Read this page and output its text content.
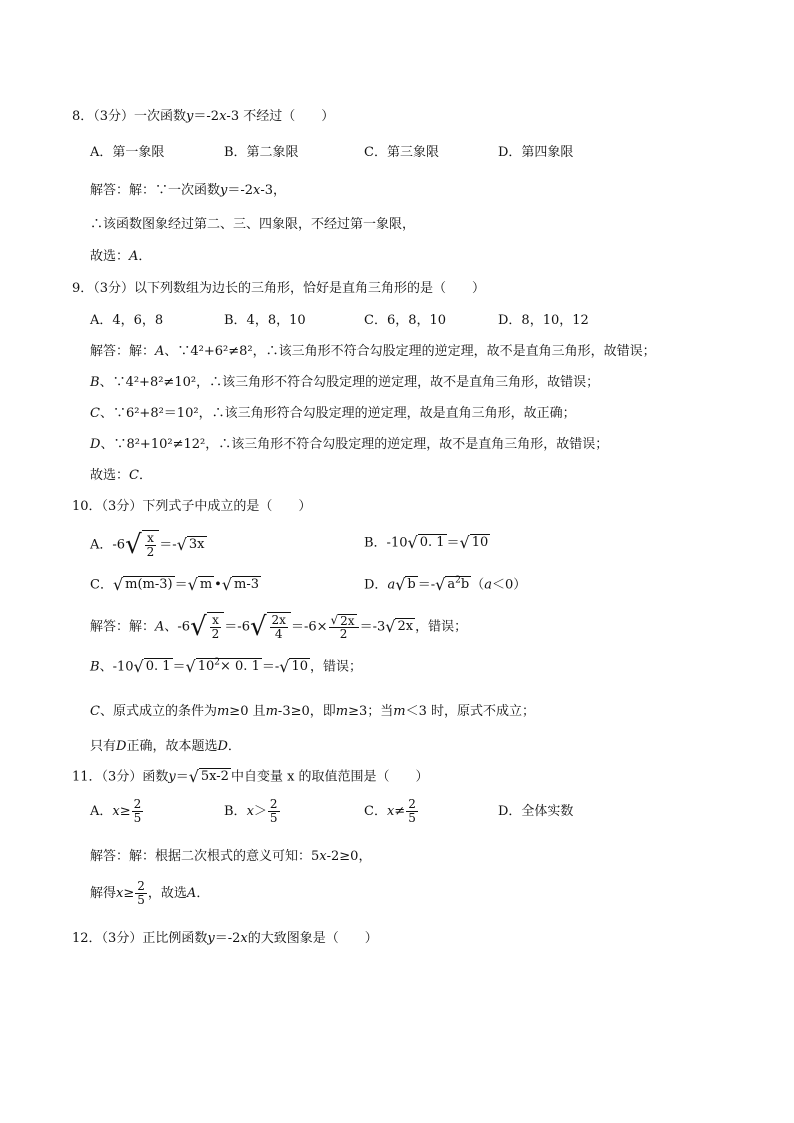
8．（3分）一次函数y＝-2x-3 不经过（　　）
A．第一象限	B．第二象限	C．第三象限	D．第四象限
解答：解：∵一次函数y＝-2x-3，
∴该函数图象经过第二、三、四象限，不经过第一象限，
故选：A．
9．（3分）以下列数组为边长的三角形，恰好是直角三角形的是（　　）
A．4，6，8	B．4，8，10	C．6，8，10	D．8，10，12
解答：解：A、∵4²+6²≠8²，∴该三角形不符合勾股定理的逆定理，故不是直角三角形，故错误；
B、∵4²+8²≠10²，∴该三角形不符合勾股定理的逆定理，故不是直角三角形，故错误；
C、∵6²+8²＝10²，∴该三角形符合勾股定理的逆定理，故是直角三角形，故正确；
D、∵8²+10²≠12²，∴该三角形不符合勾股定理的逆定理，故不是直角三角形，故错误；
故选：C．
10．（3分）下列式子中成立的是（　　）
A．-6 √ $\frac{x}{2}$ ＝- √ 3x	B．-10 √ 0. 1 ＝ √ 10
C． √ m(m-3) ＝ √ m • √ m-3	D．a √ b ＝- √ $a^2b$ （a＜0）
解答：解：A、-6 √ $\frac{x}{2} =-6$ √ $\frac{2x}{4} =-6\times \frac{√ 2x}{2} =-3$ √ 2x ，错误；
B、-10 √ 0. 1 ＝ √ $10^2\times 0$. 1 ＝- √ 10 ，错误；
C、原式成立的条件为m≥0 且m-3≥0，即m≥3；当m＜3 时，原式不成立；
只有D正确，故本题选D．
11．（3分）函数y＝ √ 5x-2 中自变量 x 的取值范围是（　　）
A．$x\ge \frac{2}{5}$	B．$x> \frac{2}{5}$	C．$x\ne \frac{2}{5}$	D．全体实数
解答：解：根据二次根式的意义可知：5x-2≥0，
解得$x\ge \frac{2}{5}$ ，故选A．
12．（3分）正比例函数y＝-2x的大致图象是（　　）
